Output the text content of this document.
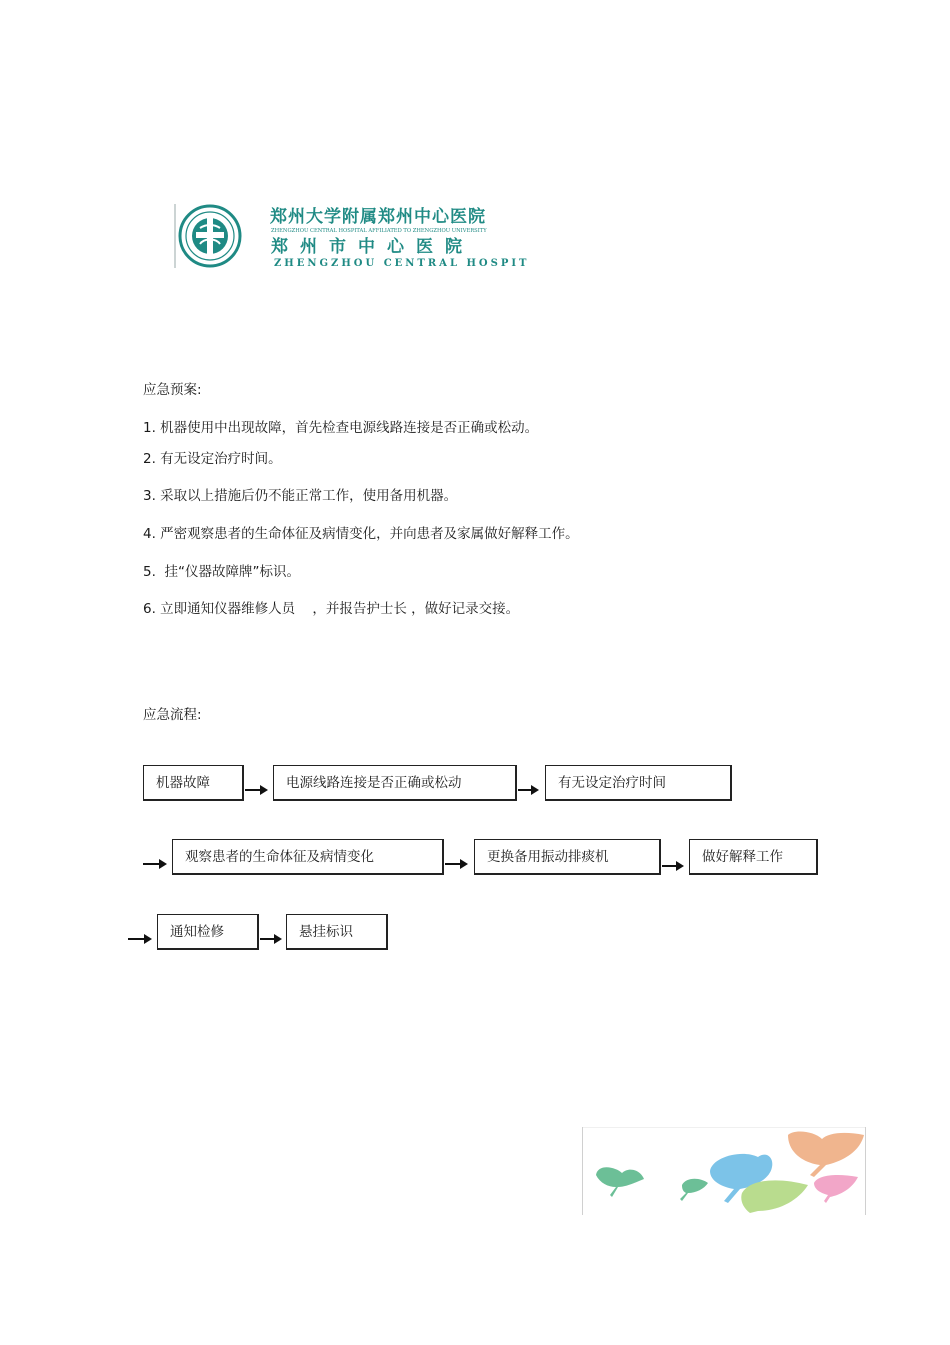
郑州大学附属郑州中心医院
ZHENGZHOU CENTRAL HOSPITAL AFFILIATED TO ZHENGZHOU UNIVERSITY
郑州市中心医院
ZHENGZHOU CENTRAL HOSPITAL
应急预案:
1. 机器使用中出现故障，首先检查电源线路连接是否正确或松动。
2. 有无设定治疗时间。
3. 采取以上措施后仍不能正常工作，使用备用机器。
4. 严密观察患者的生命体征及病情变化，并向患者及家属做好解释工作。
5.  挂“仪器故障牌”标识。
6. 立即通知仪器维修人员    ，并报告护士长 ，做好记录交接。
应急流程:
机器故障	电源线路连接是否正确或松动	有无设定治疗时间
观察患者的生命体征及病情变化	更换备用振动排痰机	做好解释工作
通知检修	悬挂标识
